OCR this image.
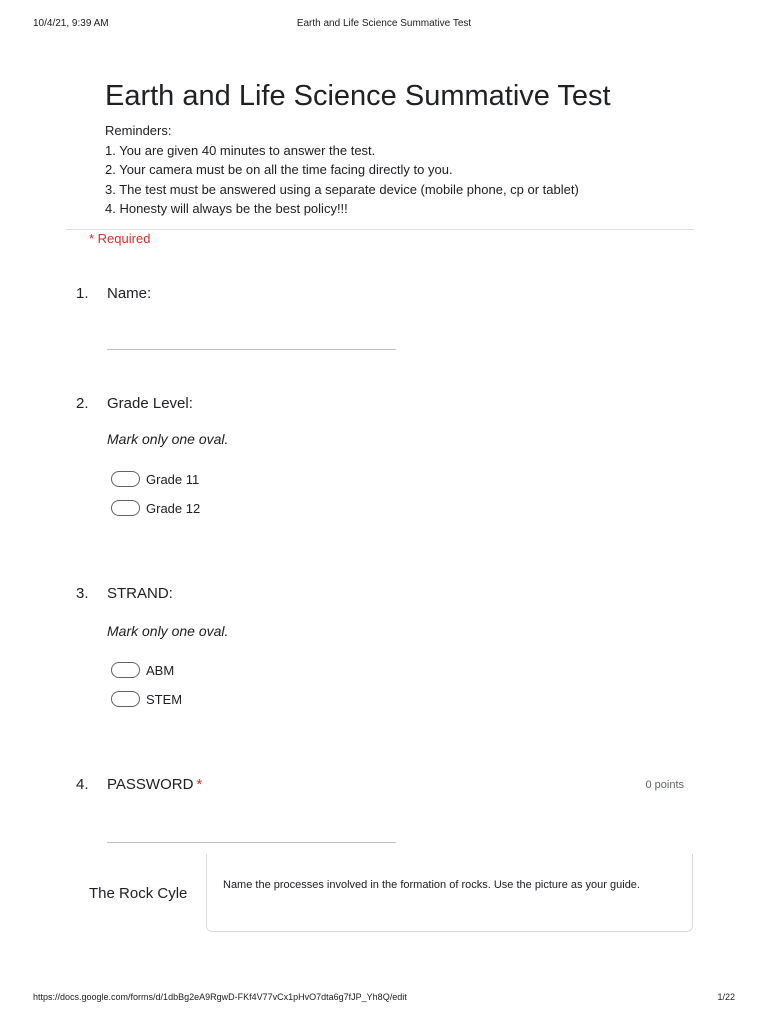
10/4/21, 9:39 AM	Earth and Life Science Summative Test
Earth and Life Science Summative Test
Reminders:
1. You are given 40 minutes to answer the test.
2. Your camera must be on all the time facing directly to you.
3. The test must be answered using a separate device (mobile phone, cp or tablet)
4. Honesty will always be the best policy!!!
* Required
1. Name:
2. Grade Level:
Mark only one oval.
Grade 11
Grade 12
3. STRAND:
Mark only one oval.
ABM
STEM
4. PASSWORD *	0 points
The Rock Cyle	Name the processes involved in the formation of rocks. Use the picture as your guide.
https://docs.google.com/forms/d/1dbBg2eA9RgwD-FKf4V77vCx1pHvO7dta6g7fJP_Yh8Q/edit	1/22
